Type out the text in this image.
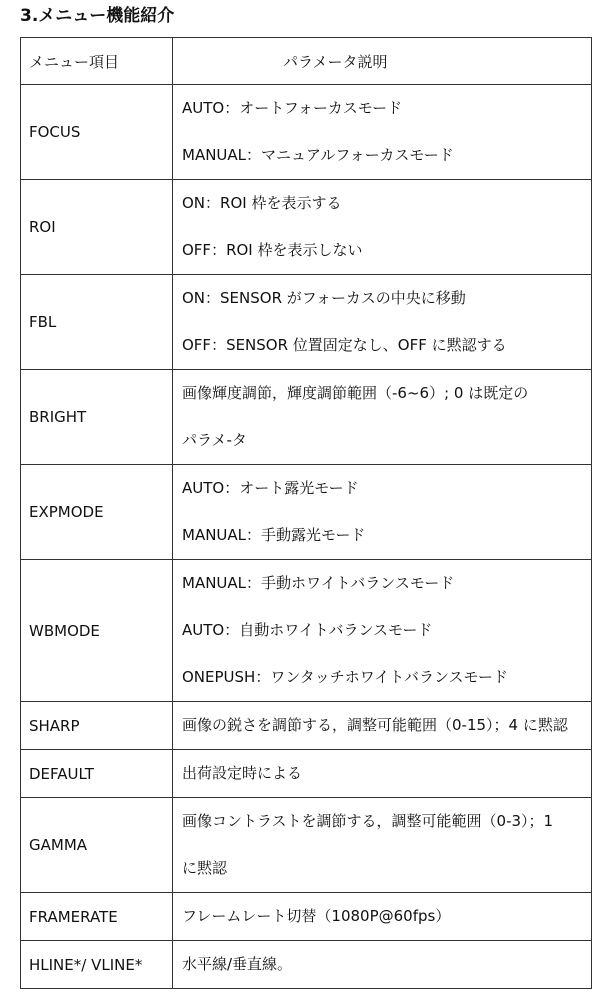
3.メニュー機能紹介
メニュー項目	パラメータ説明
FOCUS	AUTO：オートフォーカスモード
MANUAL：マニュアルフォーカスモード

ROI	ON：ROI 枠を表示する
OFF：ROI 枠を表示しない

FBL	ON：SENSOR がフォーカスの中央に移動
OFF：SENSOR 位置固定なし、OFF に黙認する

BRIGHT	画像輝度調節，輝度調節範囲（-6~6）; 0 は既定の
パラメ-タ

EXPMODE	AUTO：オート露光モード
MANUAL：手動露光モード

WBMODE	MANUAL：手動ホワイトバランスモード
AUTO：自動ホワイトバランスモード
ONEPUSH：ワンタッチホワイトバランスモード

SHARP	画像の鋭さを調節する，調整可能範囲（0-15）；4 に黙認

DEFAULT	出荷設定時による

GAMMA	画像コントラストを調節する，調整可能範囲（0-3）；1
に黙認

FRAMERATE	フレームレート切替（1080P@60fps）

HLINE*/ VLINE*	水平線/垂直線。
